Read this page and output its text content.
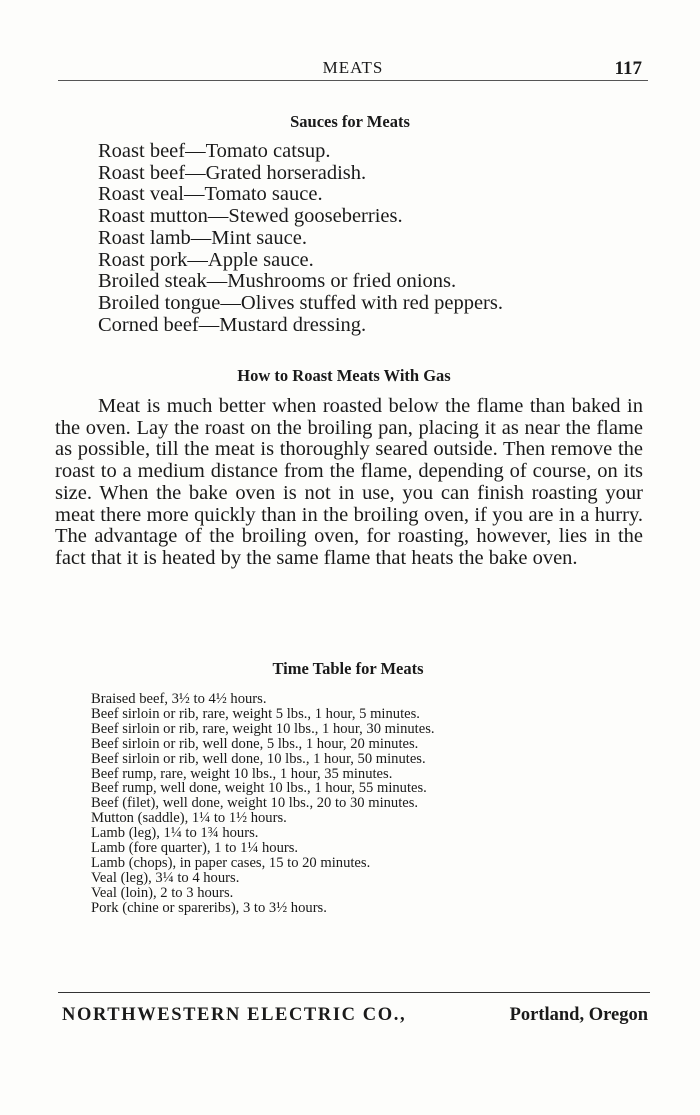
MEATS	117
Sauces for Meats
Roast beef—Tomato catsup.
Roast beef—Grated horseradish.
Roast veal—Tomato sauce.
Roast mutton—Stewed gooseberries.
Roast lamb—Mint sauce.
Roast pork—Apple sauce.
Broiled steak—Mushrooms or fried onions.
Broiled tongue—Olives stuffed with red peppers.
Corned beef—Mustard dressing.
How to Roast Meats With Gas

Meat is much better when roasted below the flame than baked in the oven. Lay the roast on the broiling pan, placing it as near the flame as possible, till the meat is thoroughly seared outside. Then remove the roast to a medium distance from the flame, depending of course, on its size. When the bake oven is not in use, you can finish roasting your meat there more quickly than in the broiling oven, if you are in a hurry. The advantage of the broiling oven, for roasting, however, lies in the fact that it is heated by the same flame that heats the bake oven.

Time Table for Meats
Braised beef, 3½ to 4½ hours.
Beef sirloin or rib, rare, weight 5 lbs., 1 hour, 5 minutes.
Beef sirloin or rib, rare, weight 10 lbs., 1 hour, 30 minutes.
Beef sirloin or rib, well done, 5 lbs., 1 hour, 20 minutes.
Beef sirloin or rib, well done, 10 lbs., 1 hour, 50 minutes.
Beef rump, rare, weight 10 lbs., 1 hour, 35 minutes.
Beef rump, well done, weight 10 lbs., 1 hour, 55 minutes.
Beef (filet), well done, weight 10 lbs., 20 to 30 minutes.
Mutton (saddle), 1¼ to 1½ hours.
Lamb (leg), 1¼ to 1¾ hours.
Lamb (fore quarter), 1 to 1¼ hours.
Lamb (chops), in paper cases, 15 to 20 minutes.
Veal (leg), 3¼ to 4 hours.
Veal (loin), 2 to 3 hours.
Pork (chine or spareribs), 3 to 3½ hours.
NORTHWESTERN ELECTRIC CO.,	Portland, Oregon
